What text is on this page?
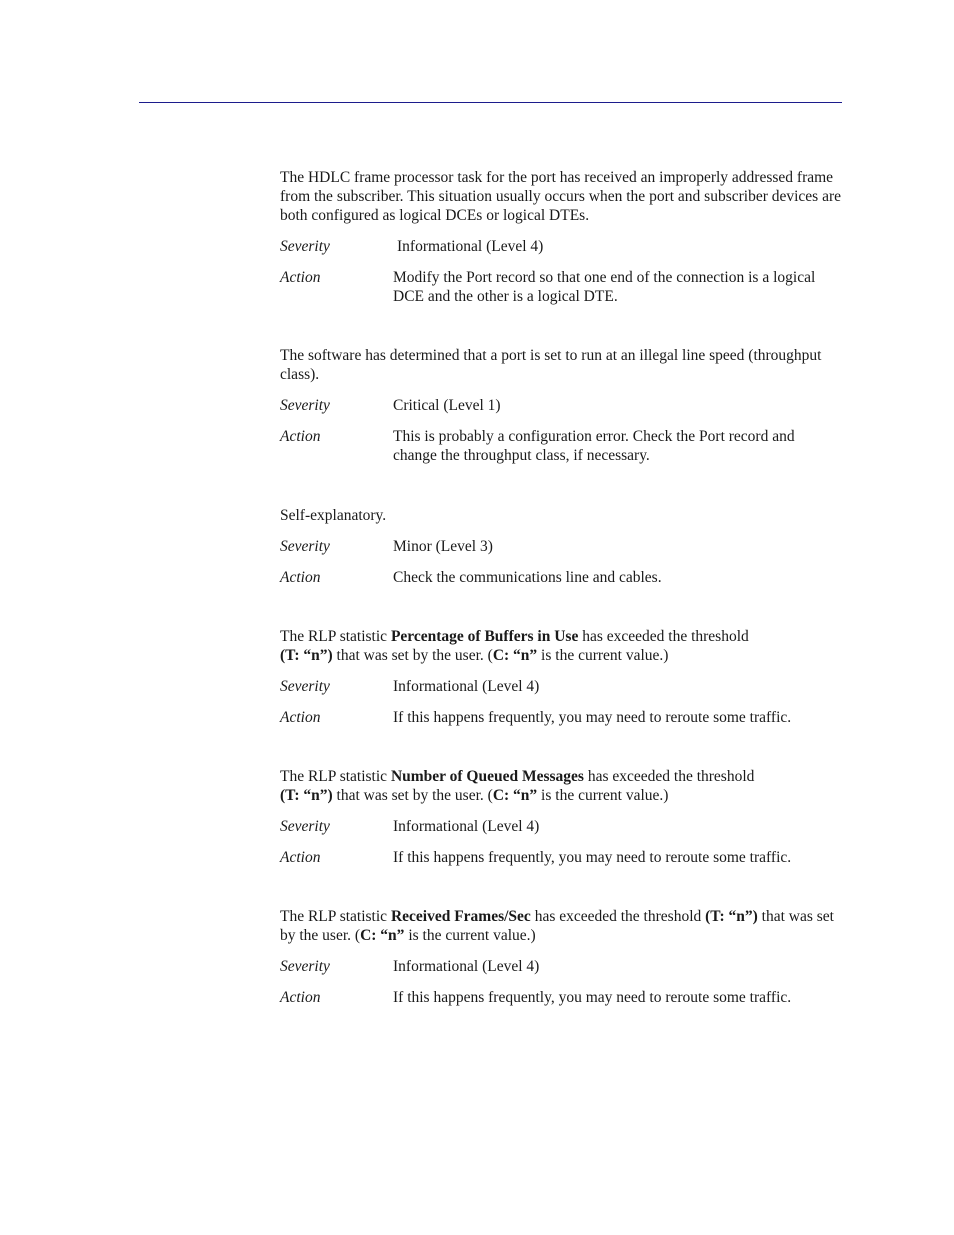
The HDLC frame processor task for the port has received an improperly addressed frame from the subscriber. This situation usually occurs when the port and subscriber devices are both configured as logical DCEs or logical DTEs.

Severity	Informational (Level 4)
Action	Modify the Port record so that one end of the connection is a logical DCE and the other is a logical DTE.

The software has determined that a port is set to run at an illegal line speed (throughput class).

Severity	Critical (Level 1)
Action	This is probably a configuration error. Check the Port record and change the throughput class, if necessary.

Self-explanatory.

Severity	Minor (Level 3)
Action	Check the communications line and cables.

The RLP statistic Percentage of Buffers in Use has exceeded the threshold
(T: “n”) that was set by the user. (C: “n” is the current value.)

Severity	Informational (Level 4)
Action	If this happens frequently, you may need to reroute some traffic.

The RLP statistic Number of Queued Messages has exceeded the threshold
(T: “n”) that was set by the user. (C: “n” is the current value.)

Severity	Informational (Level 4)
Action	If this happens frequently, you may need to reroute some traffic.

The RLP statistic Received Frames/Sec has exceeded the threshold (T: “n”) that was set by the user. (C: “n” is the current value.)

Severity	Informational (Level 4)
Action	If this happens frequently, you may need to reroute some traffic.
